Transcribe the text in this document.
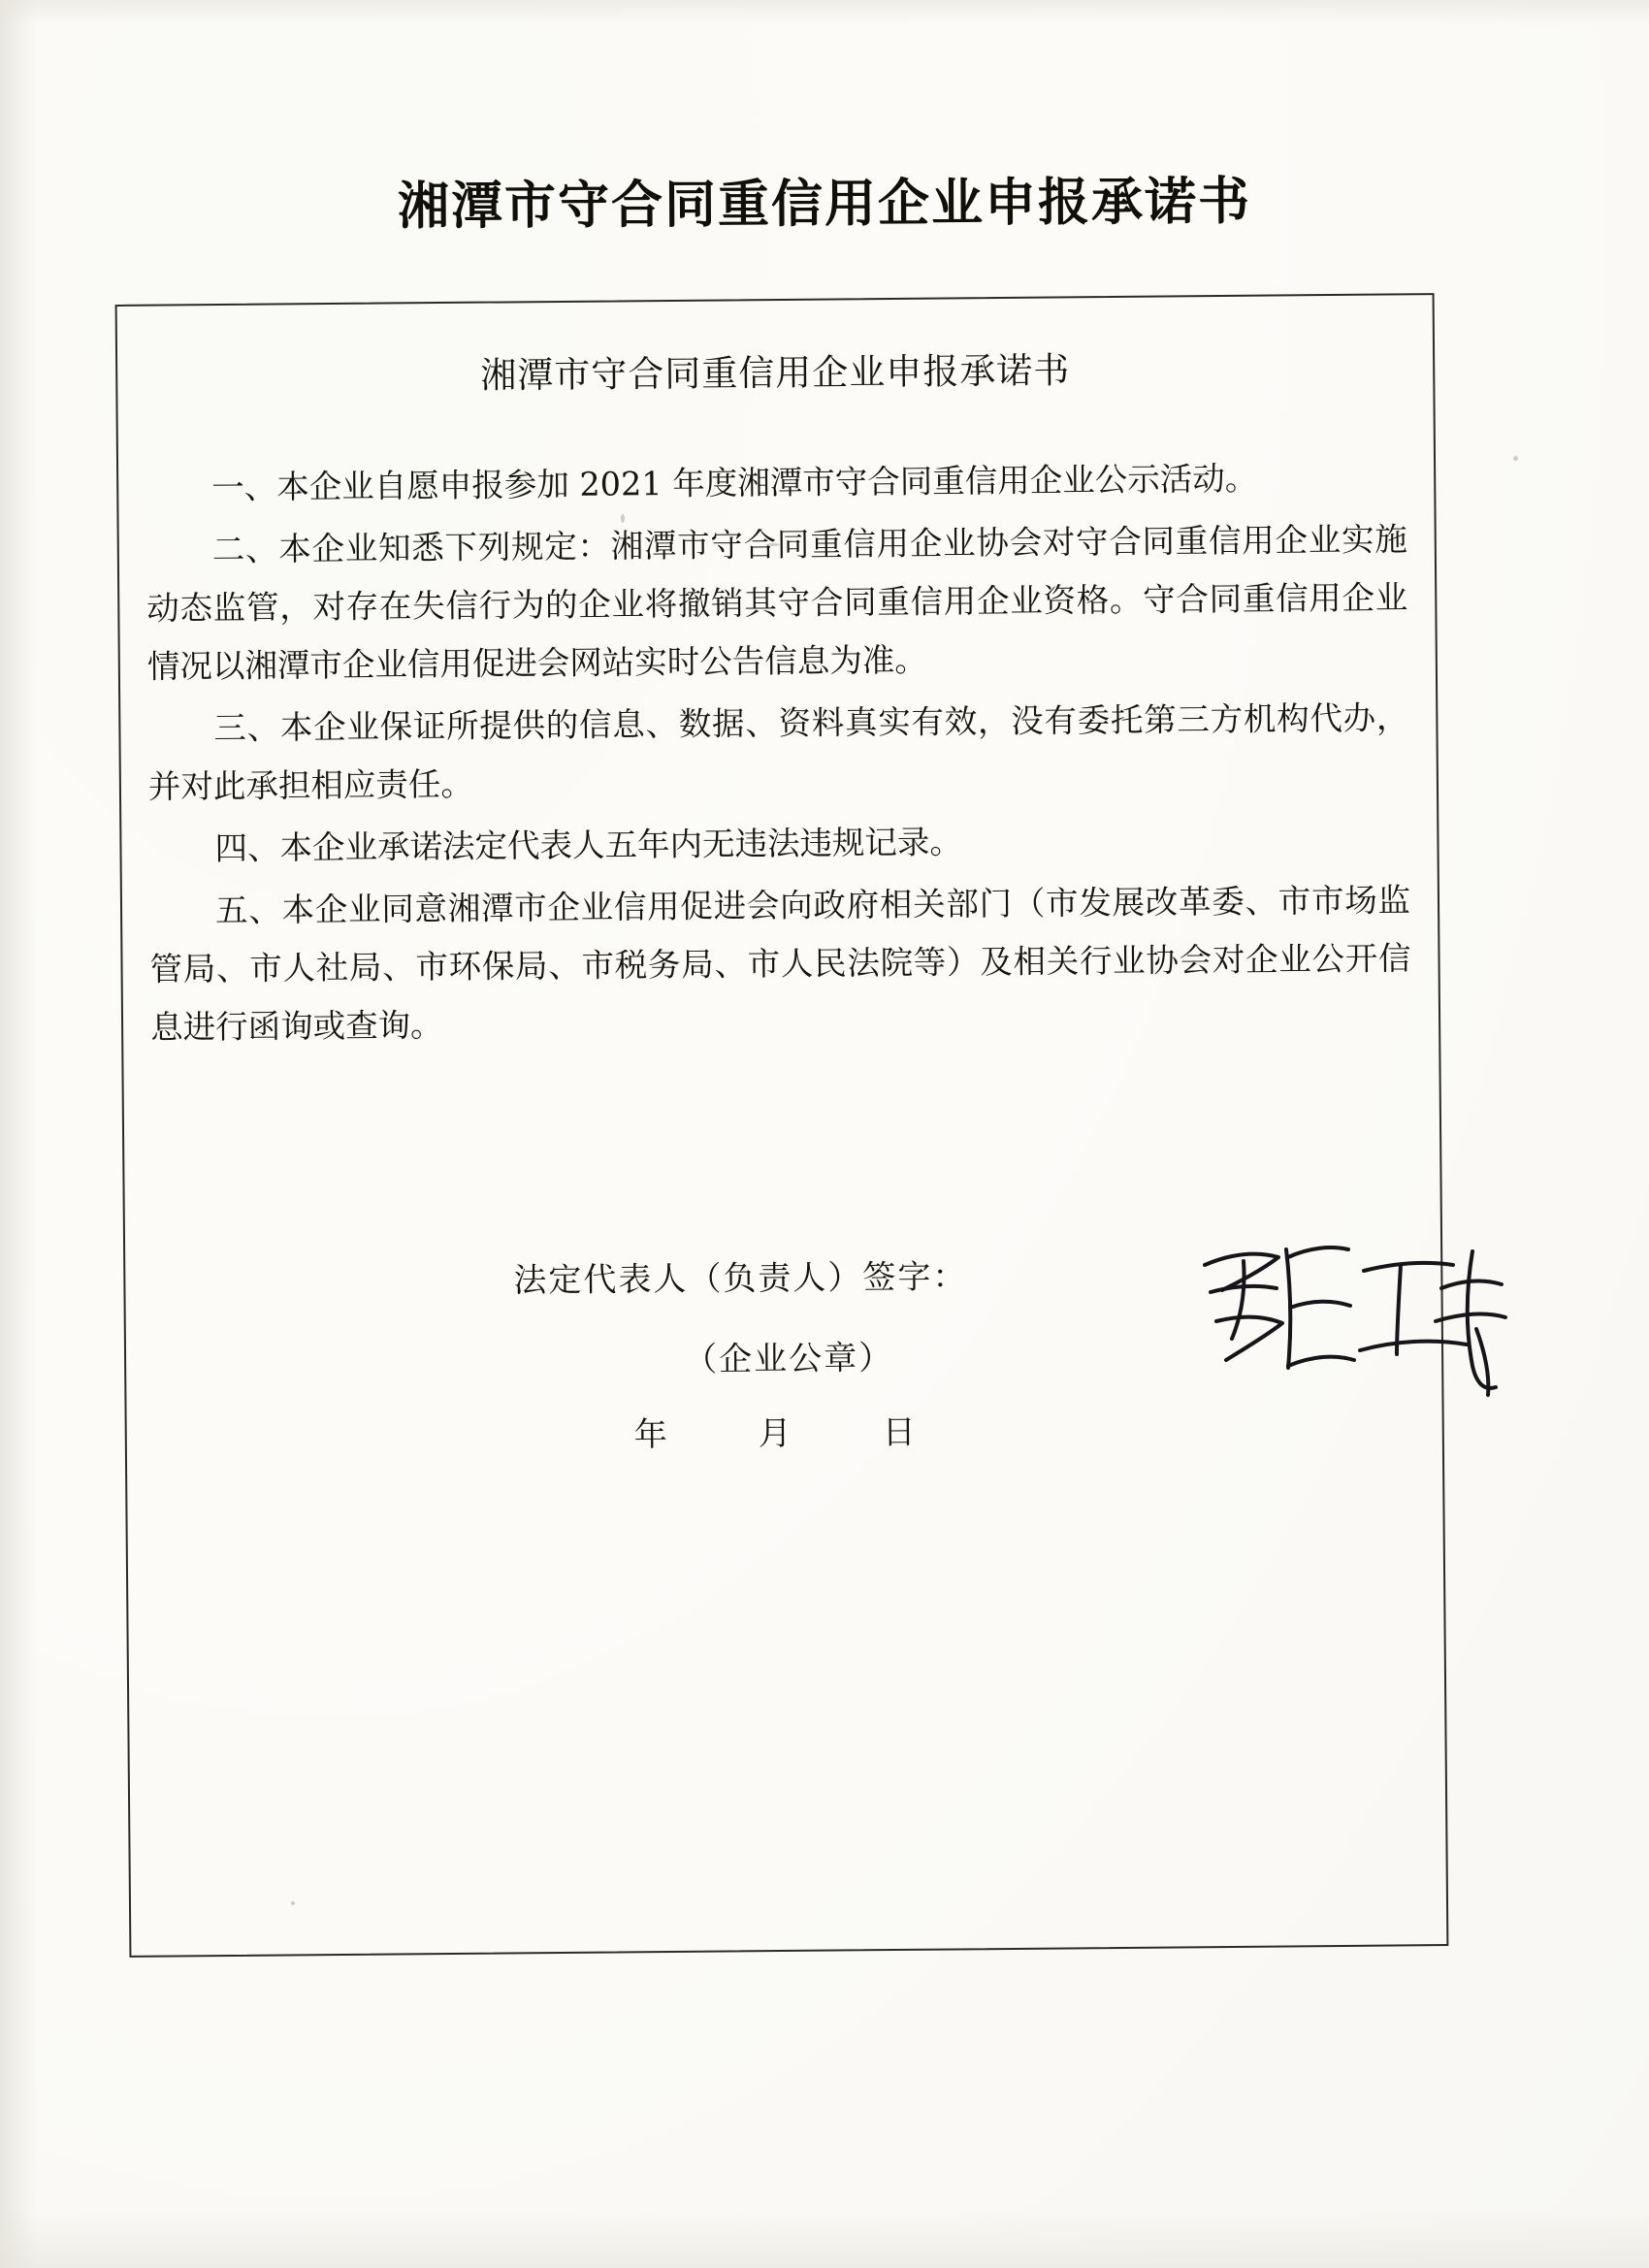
湘潭市守合同重信用企业申报承诺书
湘潭市守合同重信用企业申报承诺书

一、本企业自愿申报参加 2021 年度湘潭市守合同重信用企业公示活动。

二、本企业知悉下列规定：湘潭市守合同重信用企业协会对守合同重信用企业实施动态监管，对存在失信行为的企业将撤销其守合同重信用企业资格。守合同重信用企业情况以湘潭市企业信用促进会网站实时公告信息为准。

三、本企业保证所提供的信息、数据、资料真实有效，没有委托第三方机构代办，并对此承担相应责任。

四、本企业承诺法定代表人五年内无违法违规记录。

五、本企业同意湘潭市企业信用促进会向政府相关部门（市发展改革委、市市场监管局、市人社局、市环保局、市税务局、市人民法院等）及相关行业协会对企业公开信息进行函询或查询。

法定代表人（负责人）签字：
（企业公章）
年　月　日
